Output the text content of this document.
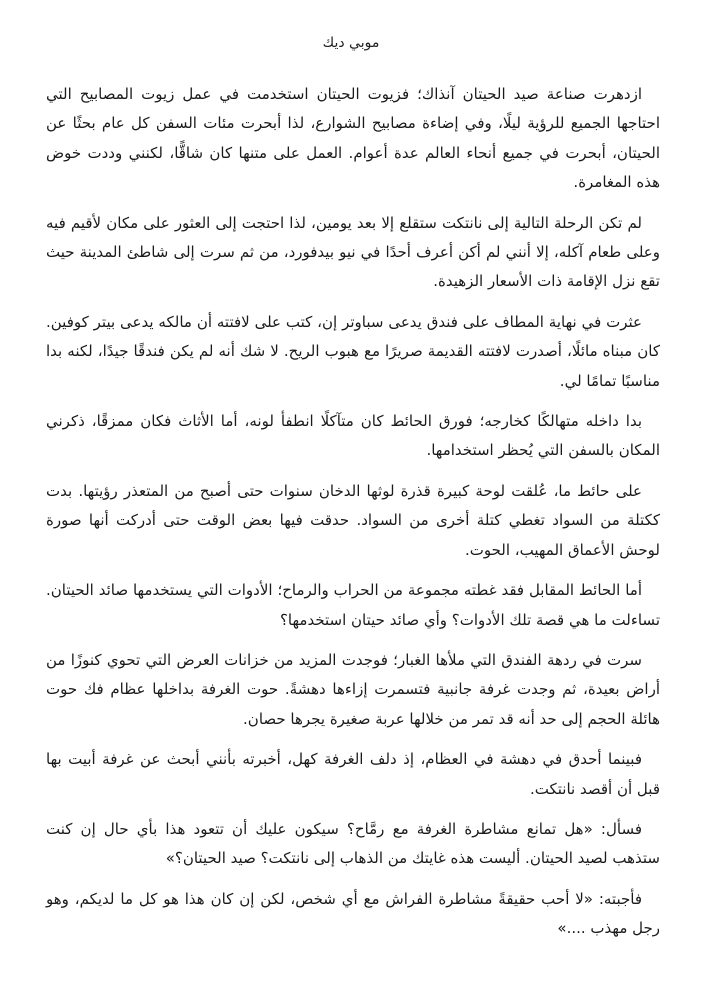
موبي ديك

ازدهرت صناعة صيد الحيتان آنذاك؛ فزيوت الحيتان استخدمت في عمل زيوت المصابيح التي احتاجها الجميع للرؤية ليلًا، وفي إضاءة مصابيح الشوارع، لذا أبحرت مئات السفن كل عام بحثًا عن الحيتان، أبحرت في جميع أنحاء العالم عدة أعوام. العمل على متنها كان شاقًّا، لكنني وددت خوض هذه المغامرة.

لم تكن الرحلة التالية إلى نانتكت ستقلع إلا بعد يومين، لذا احتجت إلى العثور على مكان لأقيم فيه وعلى طعام آكله، إلا أنني لم أكن أعرف أحدًا في نيو بيدفورد، من ثم سرت إلى شاطئ المدينة حيث تقع نزل الإقامة ذات الأسعار الزهيدة.

عثرت في نهاية المطاف على فندق يدعى سباوتر إن، كتب على لافتته أن مالكه يدعى بيتر كوفين. كان مبناه مائلًا، أصدرت لافتته القديمة صريرًا مع هبوب الريح. لا شك أنه لم يكن فندقًا جيدًا، لكنه بدا مناسبًا تمامًا لي.

بدا داخله متهالكًا كخارجه؛ فورق الحائط كان متآكلًا انطفأ لونه، أما الأثاث فكان ممزقًا، ذكرني المكان بالسفن التي يُحظر استخدامها.

على حائط ما، عُلقت لوحة كبيرة قذرة لوثها الدخان سنوات حتى أصبح من المتعذر رؤيتها. بدت ككتلة من السواد تغطي كتلة أخرى من السواد. حدقت فيها بعض الوقت حتى أدركت أنها صورة لوحش الأعماق المهيب، الحوت.

أما الحائط المقابل فقد غطته مجموعة من الحراب والرماح؛ الأدوات التي يستخدمها صائد الحيتان. تساءلت ما هي قصة تلك الأدوات؟ وأي صائد حيتان استخدمها؟

سرت في ردهة الفندق التي ملأها الغبار؛ فوجدت المزيد من خزانات العرض التي تحوي كنوزًا من أراض بعيدة، ثم وجدت غرفة جانبية فتسمرت إزاءها دهشةً. حوت الغرفة بداخلها عظام فك حوت هائلة الحجم إلى حد أنه قد تمر من خلالها عربة صغيرة يجرها حصان.

فبينما أحدق في دهشة في العظام، إذ دلف الغرفة كهل، أخبرته بأنني أبحث عن غرفة أبيت بها قبل أن أقصد نانتكت.

فسأل: «هل تمانع مشاطرة الغرفة مع رمَّاح؟ سيكون عليك أن تتعود هذا بأي حال إن كنت ستذهب لصيد الحيتان. أليست هذه غايتك من الذهاب إلى نانتكت؟ صيد الحيتان؟»

فأجبته: «لا أحب حقيقةً مشاطرة الفراش مع أي شخص، لكن إن كان هذا هو كل ما لديكم، وهو رجل مهذب ....»
